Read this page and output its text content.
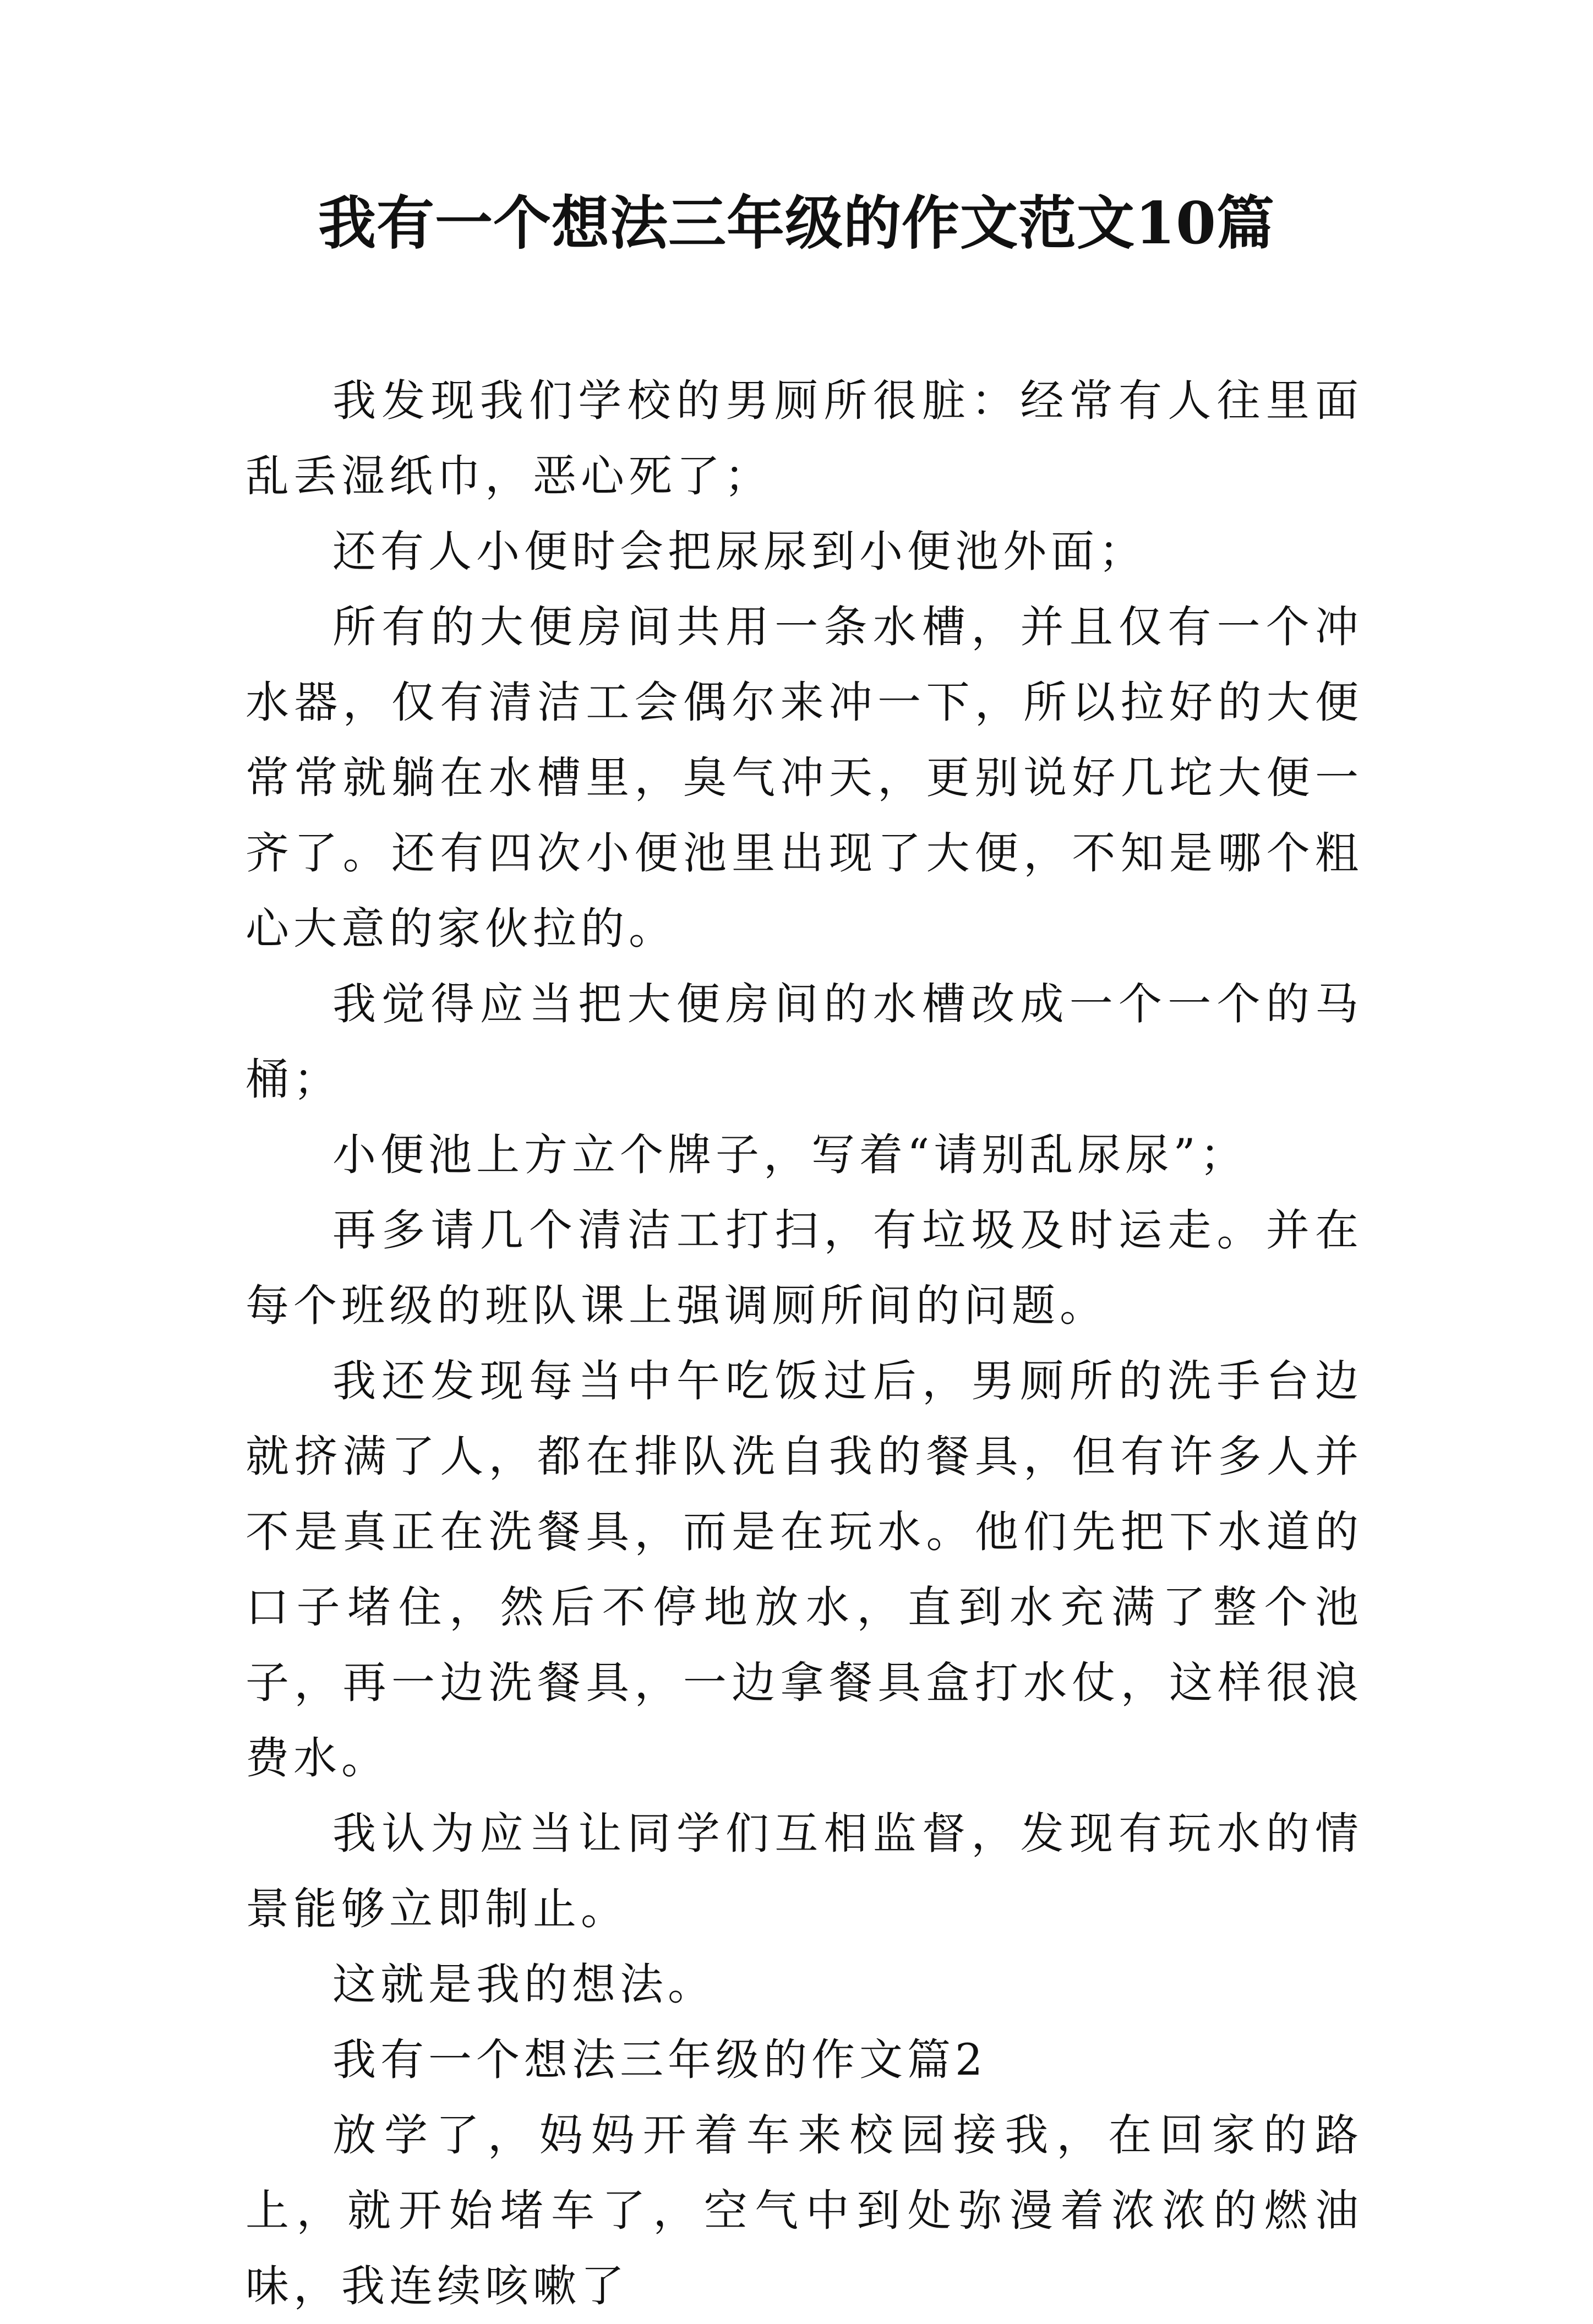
我有一个想法三年级的作文范文10篇

我发现我们学校的男厕所很脏：经常有人往里面乱丢湿纸巾，恶心死了；

还有人小便时会把尿尿到小便池外面；

所有的大便房间共用一条水槽，并且仅有一个冲水器，仅有清洁工会偶尔来冲一下，所以拉好的大便常常就躺在水槽里，臭气冲天，更别说好几坨大便一齐了。还有四次小便池里出现了大便，不知是哪个粗心大意的家伙拉的。

我觉得应当把大便房间的水槽改成一个一个的马桶；

小便池上方立个牌子，写着“请别乱尿尿”；

再多请几个清洁工打扫，有垃圾及时运走。并在每个班级的班队课上强调厕所间的问题。

我还发现每当中午吃饭过后，男厕所的洗手台边就挤满了人，都在排队洗自我的餐具，但有许多人并不是真正在洗餐具，而是在玩水。他们先把下水道的口子堵住，然后不停地放水，直到水充满了整个池子，再一边洗餐具，一边拿餐具盒打水仗，这样很浪费水。

我认为应当让同学们互相监督，发现有玩水的情景能够立即制止。

这就是我的想法。

我有一个想法三年级的作文篇2

放学了，妈妈开着车来校园接我，在回家的路上，就开始堵车了，空气中到处弥漫着浓浓的燃油味，我连续咳嗽了
